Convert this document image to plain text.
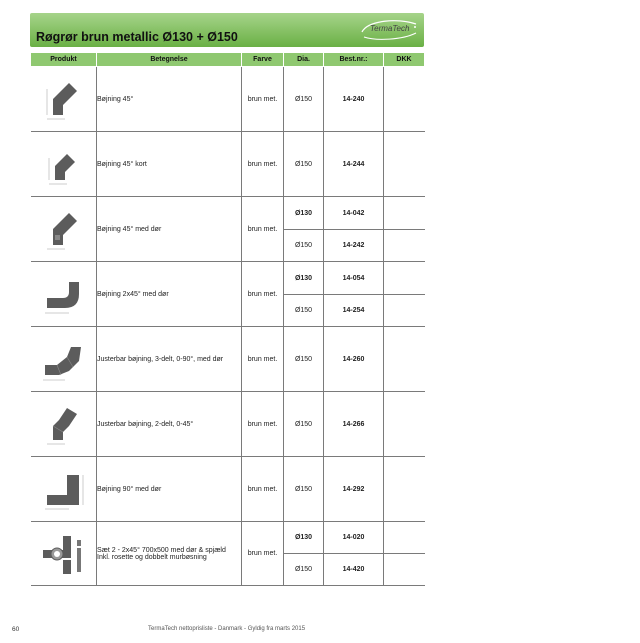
Røgrør brun metallic Ø130 + Ø150
TermaTech
Produkt	Betegnelse	Farve	Dia.	Best.nr.:	DKK

	Bøjning 45°	brun met.	Ø150	14-240	

	Bøjning 45° kort	brun met.	Ø150	14-244	

	Bøjning 45° med dør	brun met.	Ø130	14-042	
			Ø150	14-242	

	Bøjning 2x45° med dør	brun met.	Ø130	14-054	
			Ø150	14-254	

	Justerbar bøjning, 3-delt, 0-90°, med dør	brun met.	Ø150	14-260	

	Justerbar bøjning, 2-delt, 0-45°	brun met.	Ø150	14-266	

	Bøjning 90° med dør	brun met.	Ø150	14-292	

	Sæt 2 - 2x45° 700x500 med dør & spjæld
Inkl. rosette og dobbelt murbøsning	brun met.	Ø130	14-020	
			Ø150	14-420	
60	TermaTech nettoprisliste - Danmark - Gyldig fra marts 2015
